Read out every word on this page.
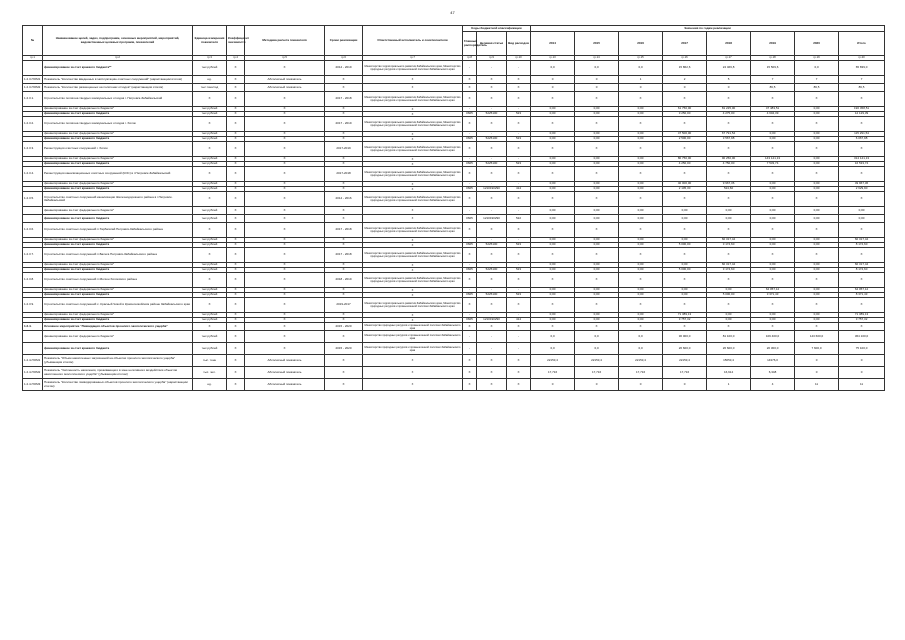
47
№	Наименование целей, задач, подпрограмм, основных мероприятий, мероприятий, ведомственных целевых программ, показателей	Единица измерения показателя	Коэффициент значимости	Методика расчета показателя	Сроки реализации	Ответственный исполнитель и соисполнители	Коды бюджетной классификации			Значения по годам реализации							
							Главный распорядитель	Целевая статья	Вид расходов	2014	2015	2016	2017	2018	2019	2020	Итого
гр.1	гр.2	гр.3	гр.4	гр.5	гр.6	гр.7	гр.8	гр.9	гр.10	гр.13	гр.14	гр.15	гр.16	гр.17	гр.18	гр.19	гр.20
	финансирование за счет краевого бюджета**	тыс.рублей	X	X	2014 - 2019	Министерство территориального развития Забайкальского края, Министерство природных ресурсов и промышленной политики Забайкальского края	-	-	-	0,0	0,0	0,0	15 862,6	24 466,8	15 509,6	0,0	65 839,0
1.2.3-ПОМ1	Показатель "Количество введенных в эксплуатацию очистных сооружений" (нарастающим итогом)	ед.	X	Абсолютный показатель	X	X	X	X	X	0	0	1	2	5	7	7	7
1.2.3-ПОМ2	Показатель "Количество размещенных на полигонах отходов" (нарастающим итогом)	тыс.тонн/год	X	Абсолютный показатель	X	X	X	X	X	0	0	0	0	0	86,5	86,5	86,5
1.2.3.1.	Строительство полигона твердых коммунальных отходов г. Петровск-Забайкальский	X	X	X	2017 - 2018	Министерство территориального развития Забайкальского края, Министерство природных ресурсов и промышленной политики Забайкальского края	X	X	X	X	X	X	X	X	X	X	X
	финансирование за счет федерального бюджета*	тыс.рублей	X	X	X	X	-	-	-	0,00	0,00	0,00	61 750,00	81 225,00	47 483,51	0,00	190 458,51
	финансирование за счет краевого бюджета	тыс.рублей	X	X	X	X	0605	5225100	523	0,00	0,00	0,00	3 250,00	4 275,00	4 604,39	0,00	12 129,39
1.2.3.2.	Строительство полигона твердых коммунальных отходов г. Хилок	X	X	X	2017 - 2019	Министерство территориального развития Забайкальского края, Министерство природных ресурсов и промышленной политики Забайкальского края	X	X	X	X	X	X	X	X	X	X	X
	финансирование за счет федерального бюджета*	тыс.рублей	X	X	X	X	-	-	-	0,00	0,00	0,00	47 500,00	67 791,54	0,00	0,00	115 291,54
	финансирование за счет краевого бюджета	тыс.рублей	X	X	X	X	0605	5225100	523	0,00	0,00	0,00	2 500,00	3 567,98	0,00	0,00	6 067,98
1.2.3.3.	Реконструкция очистных сооружений г. Хилок	X	X	X	2017-2019	Министерство территориального развития Забайкальского края, Министерство природных ресурсов и промышленной политики Забайкальского края	X	X	X	X	X	X	X	X	X	X	X
	финансирование за счет федерального бюджета*	тыс.рублей	X	X	X	X	-	-	-	0,00	0,00	0,00	80 750,00	90 250,00	143 141,13	0,00	314 141,13
	финансирование за счет краевого бюджета	тыс.рублей	X	X	X	X	0605	5225100	523	0,00	0,00	0,00	4 250,00	4 750,00	7 533,74	0,00	16 533,74
1.2.3.4.	Реконструкция канализационных очистных сооружений (КОС) в г.Петровск-Забайкальский	X	X	X	2017-2018	Министерство территориального развития Забайкальского края, Министерство природных ресурсов и промышленной политики Забайкальского края	X	X	X	X	X	X	X	X	X	X	X
	финансирование за счет федерального бюджета*	тыс.рублей	X	X	X	X	-	-	-	0,00	0,00	0,00	40 000,00	9 967,36	0,00	0,00	49 967,36
	финансирование за счет краевого бюджета	тыс.рублей	X	X	X	X	0605	1210190290	414	0,00	0,00	0,00	2 105,30	524,60	0,00	0,00	2 629,90
1.2.3.5.	Строительство очистных сооружений канализации Железнодорожного района в г.Петровск-Забайкальский	X	X	X	2014 - 2016	Министерство территориального развития Забайкальского края, Министерство природных ресурсов и промышленной политики Забайкальского края	X	X	X	X	X	X	X	X	X	X	X
	финансирование за счет федерального бюджета*	тыс.рублей	X	X	X	X	-	-	-	0,00	0,00	0,00	0,00	0,00	0,00	0,00	0,00
	финансирование за счет краевого бюджета	тыс.рублей	X	X	X	X	0605	1210190290	522	0,00	0,00	0,00	0,00	0,00	0,00	0,00	0,00
1.2.3.6.	Строительство очистных сооружений п.Тарбагатай Петровск-Забайкальского района	X	X	X	2017 - 2018	Министерство территориального развития Забайкальского края, Министерство природных ресурсов и промышленной политики Забайкальского края	X	X	X	X	X	X	X	X	X	X	X
	финансирование за счет федерального бюджета*	тыс.рублей	X	X	X	X	-	-	-	0,00	0,00	0,00	0,00	60 317,44	0,00	0,00	60 317,44
	финансирование за счет краевого бюджета	тыс.рублей	X	X	X	X	0605	5225100	523	0,00	0,00	0,00	5 000,00	3 174,60	0,00	0,00	8 174,60
1.2.3.7.	Строительство очистных сооружений п.Балега Петровск-Забайкальского района	X	X	X	2017 - 2018	Министерство территориального развития Забайкальского края, Министерство природных ресурсов и промышленной политики Забайкальского края	X	X	X	X	X	X	X	X	X	X	X
	финансирование за счет федерального бюджета*	тыс.рублей	X	X	X	X	-	-	-	0,00	0,00	0,00	0,00	60 317,44	0,00	0,00	60 317,44
	финансирование за счет краевого бюджета	тыс.рублей	X	X	X	X	0605	5225100	523	0,00	0,00	0,00	5 000,00	3 174,60	0,00	0,00	8 174,60
1.2.3.8.	Строительство очистных сооружений п.Могзон Хилокского района	X	X	X	2018 - 2019	Министерство территориального развития Забайкальского края, Министерство природных ресурсов и промышленной политики Забайкальского края	X	X	X	X	X	X	X	X	X	X	X
	финансирование за счет федерального бюджета*	тыс.рублей	X	X	X	X	-	-	-	0,00	0,00	0,00	0,00	0,00	64 057,12	0,00	64 057,12
	финансирование за счет краевого бюджета	тыс.рублей	X	X	X	X	0605	5225100	523	0,00	0,00	0,00	0,00	5 000,00	3 371,43	0,00	8 371,43
1.2.3.9.	Строительство очистных сооружений с. Красный Чикой в Красночикойском районе Забайкальского края	X	X	X	2019-2017	Министерство территориального развития Забайкальского края, Министерство природных ресурсов и промышленной политики Забайкальского края	X	X	X	X	X	X	X	X	X	X	X
	финансирование за счет федерального бюджета*	тыс.рублей	X	X	X	X	-	-	-	0,00	0,00	0,00	71 389,13	0,00	0,00	0,00	71 389,13
	финансирование за счет краевого бюджета	тыс.рублей	X	X	X	X	0605	1210190290	414	0,00	0,00	0,00	3 757,32	0,00	0,00	0,00	3 757,32
1.2.4.	Основное мероприятие "Ликвидация объектов прошлого экологического ущерба"	X	X	X	2015 - 2020	Министерство природных ресурсов и промышленной политики Забайкальского края	X	X	X	X	X	X	X	X	X	X	X
	финансирование за счет федерального бюджета*	тыс.рублей	X	X	X	Министерство природных ресурсов и промышленной политики Забайкальского края	-	-	-	0,0	0,0	0,0	30 000,0	81 100,0	109 400,0	143 600,0	364 100,0
	финансирование за счет краевого бюджета	тыс.рублей	X	X	2015 - 2020	Министерство природных ресурсов и промышленной политики Забайкальского края	-	-	-	0,0	0,0	0,0	26 600,0	26 600,0	20 300,0	7 600,0	75 100,0
1.2.4-ПОМ1	Показатель "Объем накопленных загрязнений на объектах прошлого экологического ущерба" (убывающим итогом)	тыс. тонн	X	Абсолютный показатель	X	X	X	X	X	22153,4	22153,4	22153,4	22153,4	15653,4	14376,0	0	0
1.2.4-ПОМ2	Показатель "Численность населения, проживающего в зоне негативного воздействия объектов накопленного экологического ущерба" (убывающим итогом)	тыс. чел.	X	Абсолютный показатель	X	X	X	X	X	17,716	17,716	17,716	17,716	16,914	6,348	0	0
1.2.4-ПОМ3	Показатель "Количество ликвидированных объектов прошлого экологического ущерба" (нарастающим итогом)	ед.	X	Абсолютный показатель	X	X	X	X	X	0	0	0	0	1	4	11	11
